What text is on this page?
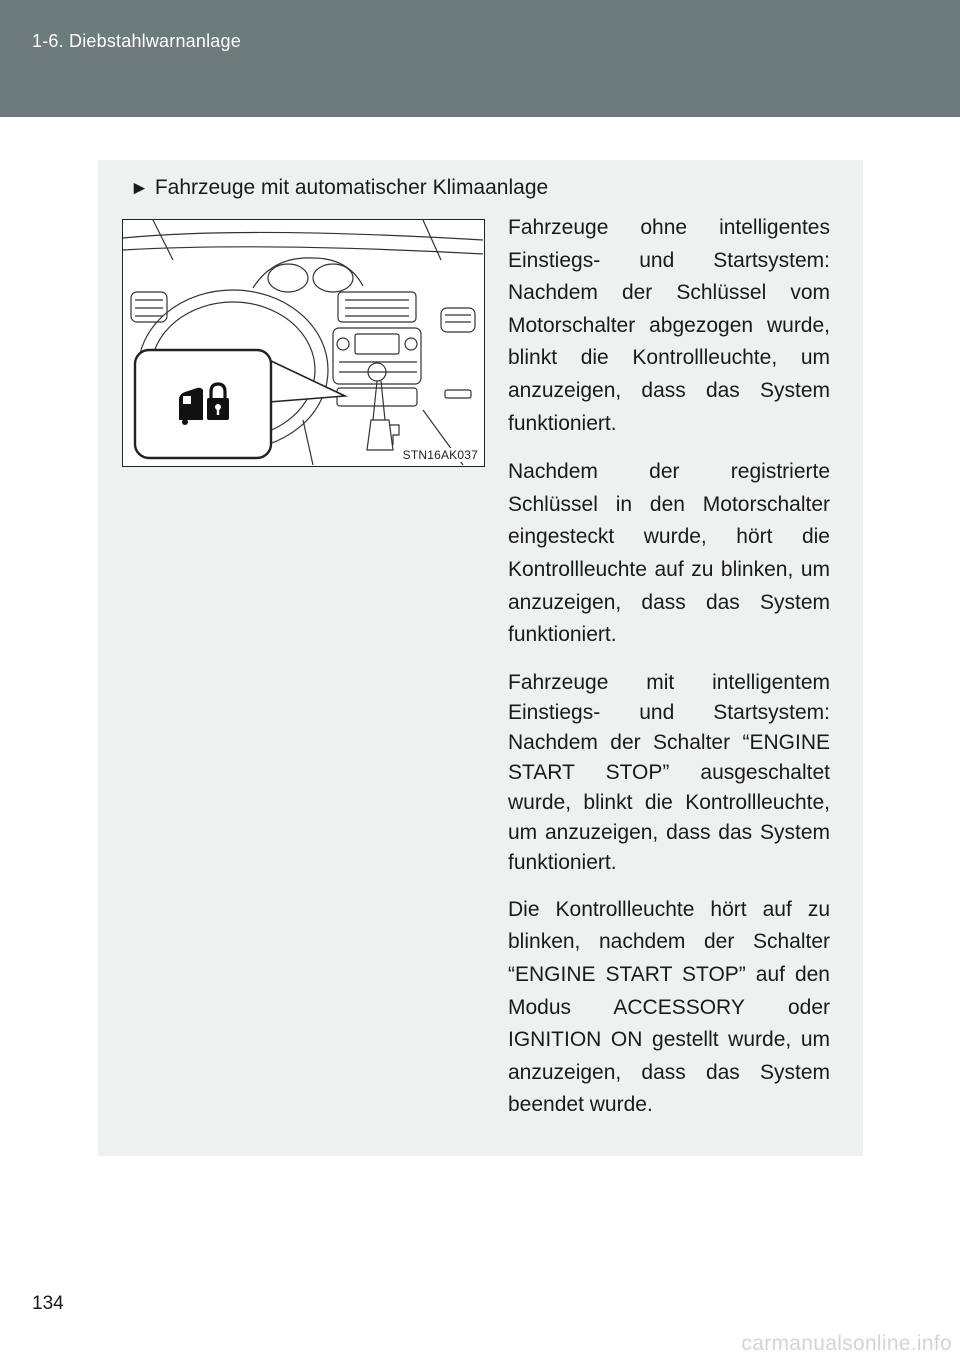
1-6. Diebstahlwarnanlage
► Fahrzeuge mit automatischer Klimaanlage
STN16AK037

Fahrzeuge ohne intelligentes Einstiegs- und Startsystem: Nachdem der Schlüssel vom Motorschalter abgezogen wurde, blinkt die Kontrollleuchte, um anzuzeigen, dass das System funktioniert.

Nachdem der registrierte Schlüssel in den Motorschalter eingesteckt wurde, hört die Kontrollleuchte auf zu blinken, um anzuzeigen, dass das System funktioniert.

Fahrzeuge mit intelligentem Einstiegs- und Startsystem: Nachdem der Schalter “ENGINE START STOP” ausgeschaltet wurde, blinkt die Kontrollleuchte, um anzuzeigen, dass das System funktioniert.

Die Kontrollleuchte hört auf zu blinken, nachdem der Schalter “ENGINE START STOP” auf den Modus ACCESSORY oder IGNITION ON gestellt wurde, um anzuzeigen, dass das System beendet wurde.

134
carmanualsonline.info
